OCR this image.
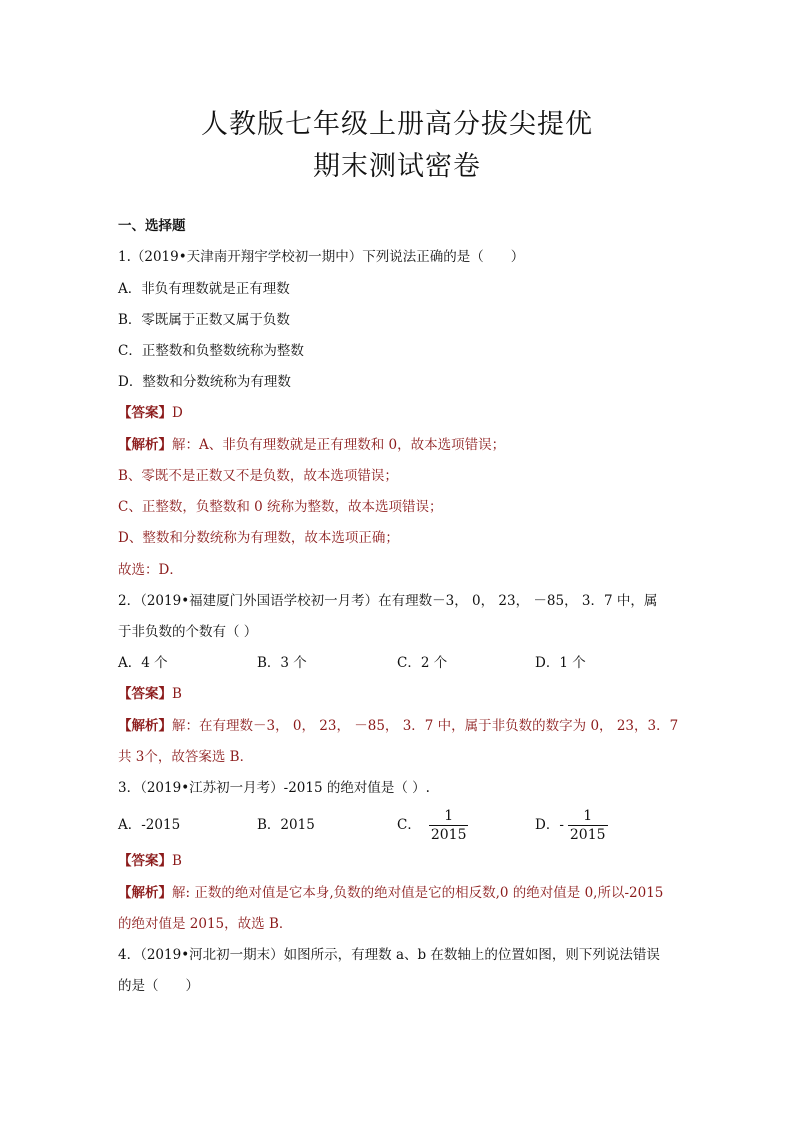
人教版七年级上册高分拔尖提优
期末测试密卷
一、选择题
1.（2019•天津南开翔宇学校初一期中）下列说法正确的是（　　）
A．非负有理数就是正有理数
B．零既属于正数又属于负数
C．正整数和负整数统称为整数
D．整数和分数统称为有理数
【答案】D
【解析】解：A、非负有理数就是正有理数和 0，故本选项错误；
B、零既不是正数又不是负数，故本选项错误；
C、正整数，负整数和 0 统称为整数，故本选项错误；
D、整数和分数统称为有理数，故本选项正确；
故选：D．
2．（2019•福建厦门外国语学校初一月考）在有理数－3， 0， 23， －85， 3．7 中，属
于非负数的个数有（ ）
A．4 个	B．3 个	C．2 个	D．1 个
【答案】B
【解析】解：在有理数－3， 0， 23， －85， 3．7 中，属于非负数的数字为 0， 23，3．7
共 3个，故答案选 B．
3．（2019•江苏初一月考）-2015 的绝对值是（ ）.
A．-2015	B．2015	C． $\frac{1}{2015}$	D．- $\frac{1}{2015}$
【答案】B
【解析】解: 正数的绝对值是它本身,负数的绝对值是它的相反数,0 的绝对值是 0,所以-2015
的绝对值是 2015，故选 B．
4．（2019•河北初一期末）如图所示，有理数 a、b 在数轴上的位置如图，则下列说法错误
的是（　　）
